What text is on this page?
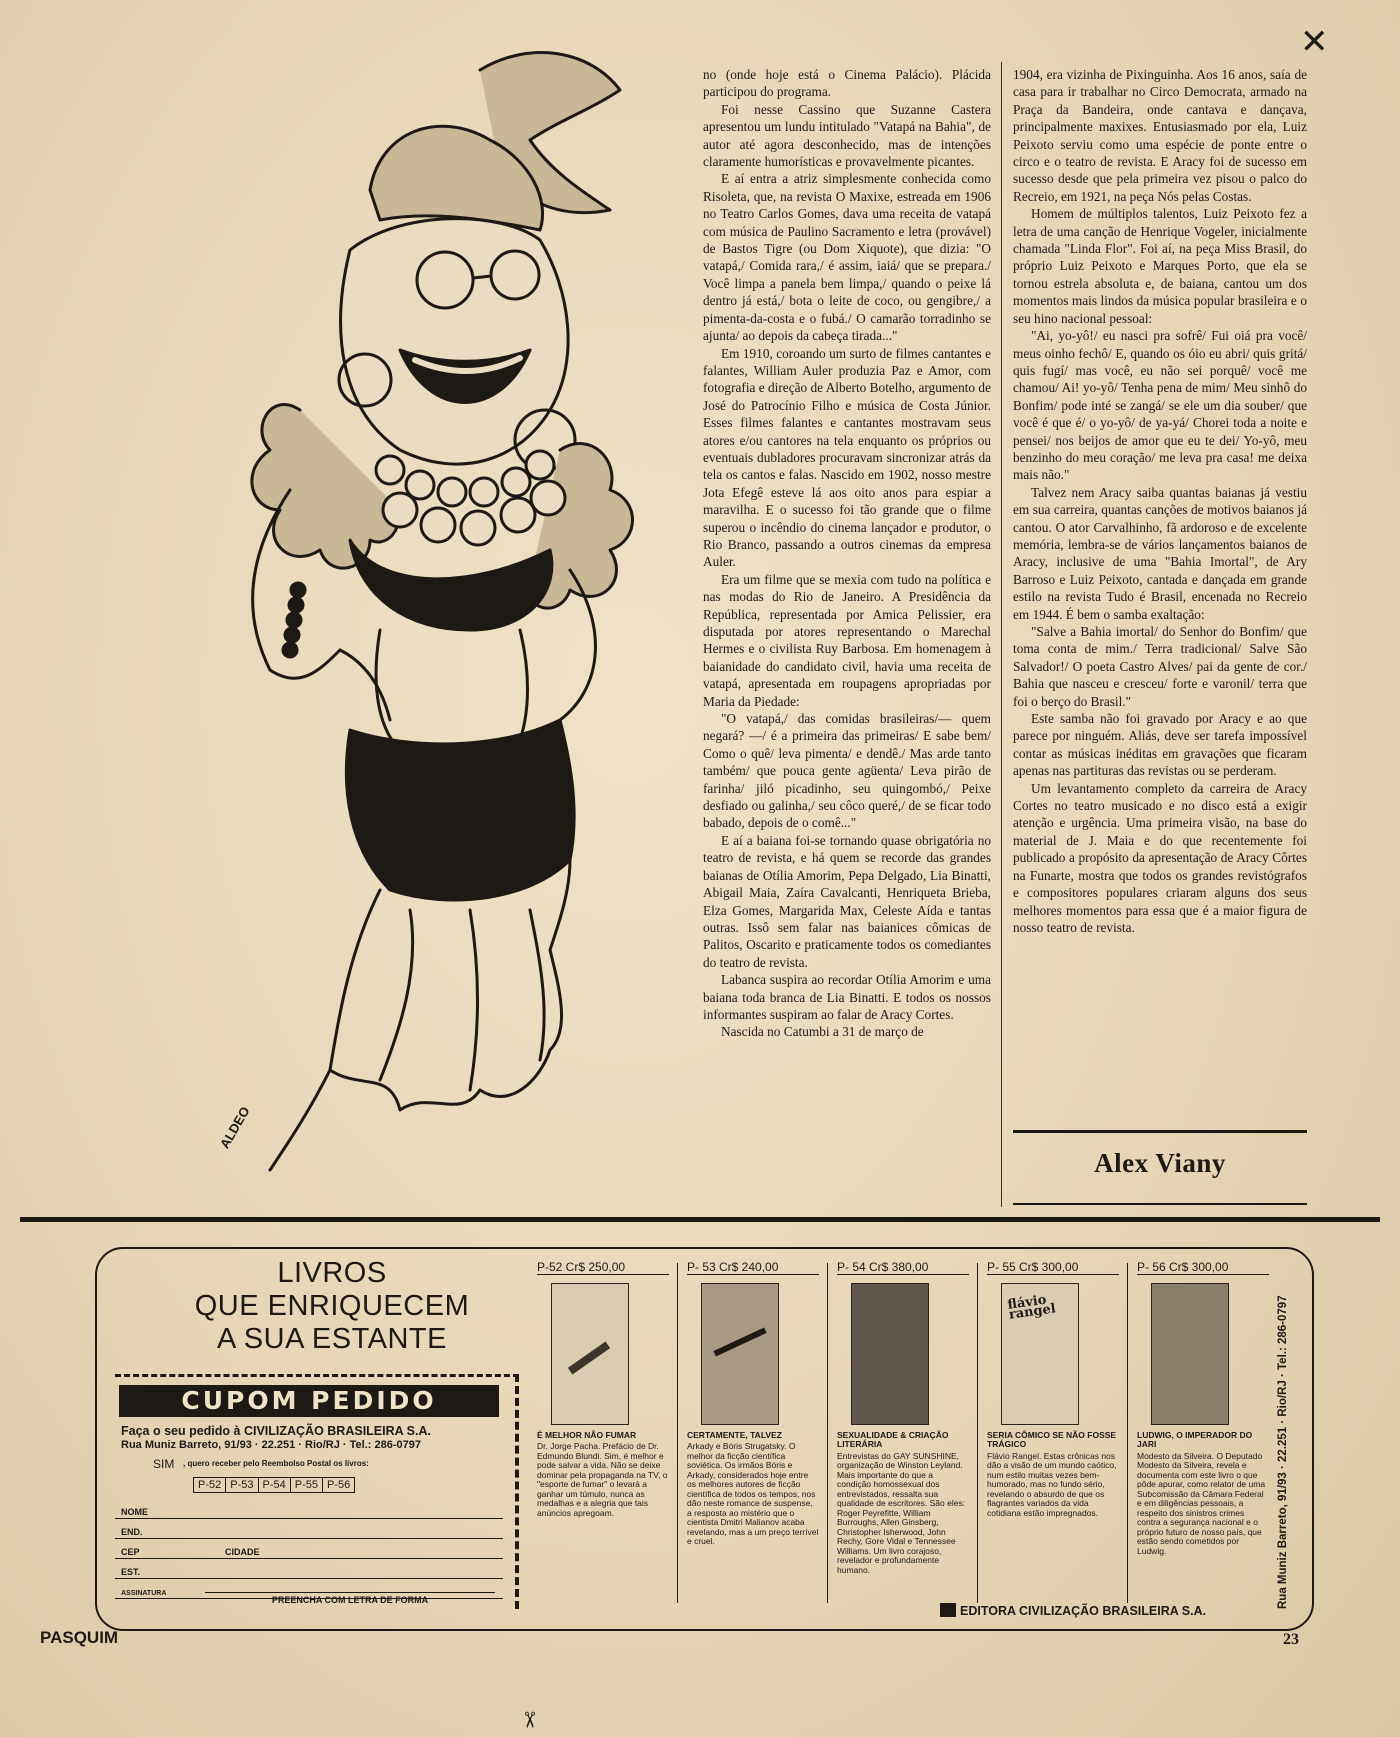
✕
ALDEO

no (onde hoje está o Cinema Palácio). Plácida participou do programa.

Foi nesse Cassino que Suzanne Castera apresentou um lundu intitulado "Vatapá na Bahia", de autor até agora desconhecido, mas de intenções claramente humorísticas e provavelmente picantes.

E aí entra a atriz simplesmente conhecida como Risoleta, que, na revista O Maxixe, estreada em 1906 no Teatro Carlos Gomes, dava uma receita de vatapá com música de Paulino Sacramento e letra (provável) de Bastos Tigre (ou Dom Xiquote), que dizia: "O vatapá,/ Comida rara,/ é assim, iaiá/ que se prepara./ Você limpa a panela bem limpa,/ quando o peixe lá dentro já está,/ bota o leite de coco, ou gengibre,/ a pimenta-da-costa e o fubá./ O camarão torradinho se ajunta/ ao depois da cabeça tirada..."

Em 1910, coroando um surto de filmes cantantes e falantes, William Auler produzia Paz e Amor, com fotografia e direção de Alberto Botelho, argumento de José do Patrocínio Filho e música de Costa Júnior. Esses filmes falantes e cantantes mostravam seus atores e/ou cantores na tela enquanto os próprios ou eventuais dubladores procuravam sincronizar atrás da tela os cantos e falas. Nascido em 1902, nosso mestre Jota Efegê esteve lá aos oito anos para espiar a maravilha. E o sucesso foi tão grande que o filme superou o incêndio do cinema lançador e produtor, o Rio Branco, passando a outros cinemas da empresa Auler.

Era um filme que se mexia com tudo na política e nas modas do Rio de Janeiro. A Presidência da República, representada por Amica Pelissier, era disputada por atores representando o Marechal Hermes e o civilista Ruy Barbosa. Em homenagem à baianidade do candidato civil, havia uma receita de vatapá, apresentada em roupagens apropriadas por Maria da Piedade:

"O vatapá,/ das comidas brasileiras/— quem negará? —/ é a primeira das primeiras/ E sabe bem/ Como o quê/ leva pimenta/ e dendê./ Mas arde tanto também/ que pouca gente agüenta/ Leva pirão de farinha/ jiló picadinho, seu quingombó,/ Peixe desfiado ou galinha,/ seu côco queré,/ de se ficar todo babado, depois de o comê..."

E aí a baiana foi-se tornando quase obrigatória no teatro de revista, e há quem se recorde das grandes baianas de Otília Amorim, Pepa Delgado, Lia Binatti, Abigail Maia, Zaíra Cavalcanti, Henriqueta Brieba, Elza Gomes, Margarida Max, Celeste Aída e tantas outras. Issô sem falar nas baianices cômicas de Palitos, Oscarito e praticamente todos os comediantes do teatro de revista.

Labanca suspira ao recordar Otília Amorim e uma baiana toda branca de Lia Binatti. E todos os nossos informantes suspiram ao falar de Aracy Cortes.

Nascida no Catumbi a 31 de março de

1904, era vizinha de Pixinguinha. Aos 16 anos, saía de casa para ir trabalhar no Circo Democrata, armado na Praça da Bandeira, onde cantava e dançava, principalmente maxixes. Entusiasmado por ela, Luiz Peixoto serviu como uma espécie de ponte entre o circo e o teatro de revista. E Aracy foi de sucesso em sucesso desde que pela primeira vez pisou o palco do Recreio, em 1921, na peça Nós pelas Costas.

Homem de múltiplos talentos, Luiz Peixoto fez a letra de uma canção de Henrique Vogeler, inicialmente chamada "Linda Flor". Foi aí, na peça Miss Brasil, do próprio Luiz Peixoto e Marques Porto, que ela se tornou estrela absoluta e, de baiana, cantou um dos momentos mais lindos da música popular brasileira e o seu hino nacional pessoal:

"Ai, yo-yô!/ eu nasci pra sofrê/ Fui oiá pra você/ meus oinho fechô/ E, quando os óio eu abri/ quis gritá/ quis fugí/ mas você, eu não sei porquê/ você me chamou/ Ai! yo-yô/ Tenha pena de mim/ Meu sinhô do Bonfim/ pode inté se zangá/ se ele um dia souber/ que você é que é/ o yo-yô/ de ya-yá/ Chorei toda a noite e pensei/ nos beijos de amor que eu te dei/ Yo-yô, meu benzinho do meu coração/ me leva pra casa! me deixa mais não."

Talvez nem Aracy saiba quantas baianas já vestiu em sua carreira, quantas canções de motivos baianos já cantou. O ator Carvalhinho, fã ardoroso e de excelente memória, lembra-se de vários lançamentos baianos de Aracy, inclusive de uma "Bahia Imortal", de Ary Barroso e Luiz Peixoto, cantada e dançada em grande estilo na revista Tudo é Brasil, encenada no Recreio em 1944. É bem o samba exaltação:

"Salve a Bahia imortal/ do Senhor do Bonfim/ que toma conta de mim./ Terra tradicional/ Salve São Salvador!/ O poeta Castro Alves/ pai da gente de cor./ Bahia que nasceu e cresceu/ forte e varonil/ terra que foi o berço do Brasil."

Este samba não foi gravado por Aracy e ao que parece por ninguém. Aliás, deve ser tarefa impossível contar as músicas inéditas em gravações que ficaram apenas nas partituras das revistas ou se perderam.

Um levantamento completo da carreira de Aracy Cortes no teatro musicado e no disco está a exigir atenção e urgência. Uma primeira visão, na base do material de J. Maia e do que recentemente foi publicado a propósito da apresentação de Aracy Côrtes na Funarte, mostra que todos os grandes revistógrafos e compositores populares criaram alguns dos seus melhores momentos para essa que é a maior figura de nosso teatro de revista.

Alex Viany
LIVROS
QUE ENRIQUECEM
A SUA ESTANTE
CUPOM PEDIDO
Faça o seu pedido à CIVILIZAÇÃO BRASILEIRA S.A.
Rua Muniz Barreto, 91/93 · 22.251 · Rio/RJ · Tel.: 286-0797
SIM , quero receber pelo Reembolso Postal os livros:
P-52 P-53 P-54 P-55 P-56
NOME
END.
CEP	CIDADE
EST.
ASSINATURA
PREENCHA COM LETRA DE FORMA
✂
P-52 Cr$ 250,00
É MELHOR NÃO FUMAR
Dr. Jorge Pacha. Prefácio de Dr. Edmundo Blundi. Sim, é melhor e pode salvar a vida. Não se deixe dominar pela propaganda na TV, o "esporte de fumar" o levará a ganhar um túmulo, nunca as medalhas e a alegria que tais anúncios apregoam.
P- 53 Cr$ 240,00
CERTAMENTE, TALVEZ
Arkady e Bóris Strugatsky. O melhor da ficção científica soviética. Os irmãos Bóris e Arkady, considerados hoje entre os melhores autores de ficção científica de todos os tempos, nos dão neste romance de suspense, a resposta ao mistério que o cientista Dmitri Malianov acaba revelando, mas a um preço terrível e cruel.
P- 54 Cr$ 380,00
SEXUALIDADE & CRIAÇÃO LITERÁRIA
Entrevistas do GAY SUNSHINE, organização de Winston Leyland. Mais importante do que a condição homossexual dos entrevistados, ressalta sua qualidade de escritores. São eles: Roger Peyrefitte, William Burroughs, Allen Ginsberg, Christopher Isherwood, John Rechy, Gore Vidal e Tennessee Williams. Um livro corajoso, revelador e profundamente humano.
P- 55 Cr$ 300,00
flávio rangel
SERIA CÔMICO SE NÃO FOSSE TRÁGICO
Flávio Rangel. Estas crônicas nos dão a visão de um mundo caótico, num estilo muitas vezes bem-humorado, mas no fundo sério, revelando o absurdo de que os flagrantes variados da vida cotidiana estão impregnados.
P- 56 Cr$ 300,00
LUDWIG, O IMPERADOR DO JARI
Modesto da Silveira. O Deputado Modesto da Silveira, revela e documenta com este livro o que pôde apurar, como relator de uma Subcomissão da Câmara Federal e em diligências pessoais, a respeito dos sinistros crimes contra a segurança nacional e o próprio futuro de nosso país, que estão sendo cometidos por Ludwig.
EDITORA CIVILIZAÇÃO BRASILEIRA S.A.
Rua Muniz Barreto, 91/93 · 22.251 · Rio/RJ · Tel.: 286-0797
PASQUIM	23
